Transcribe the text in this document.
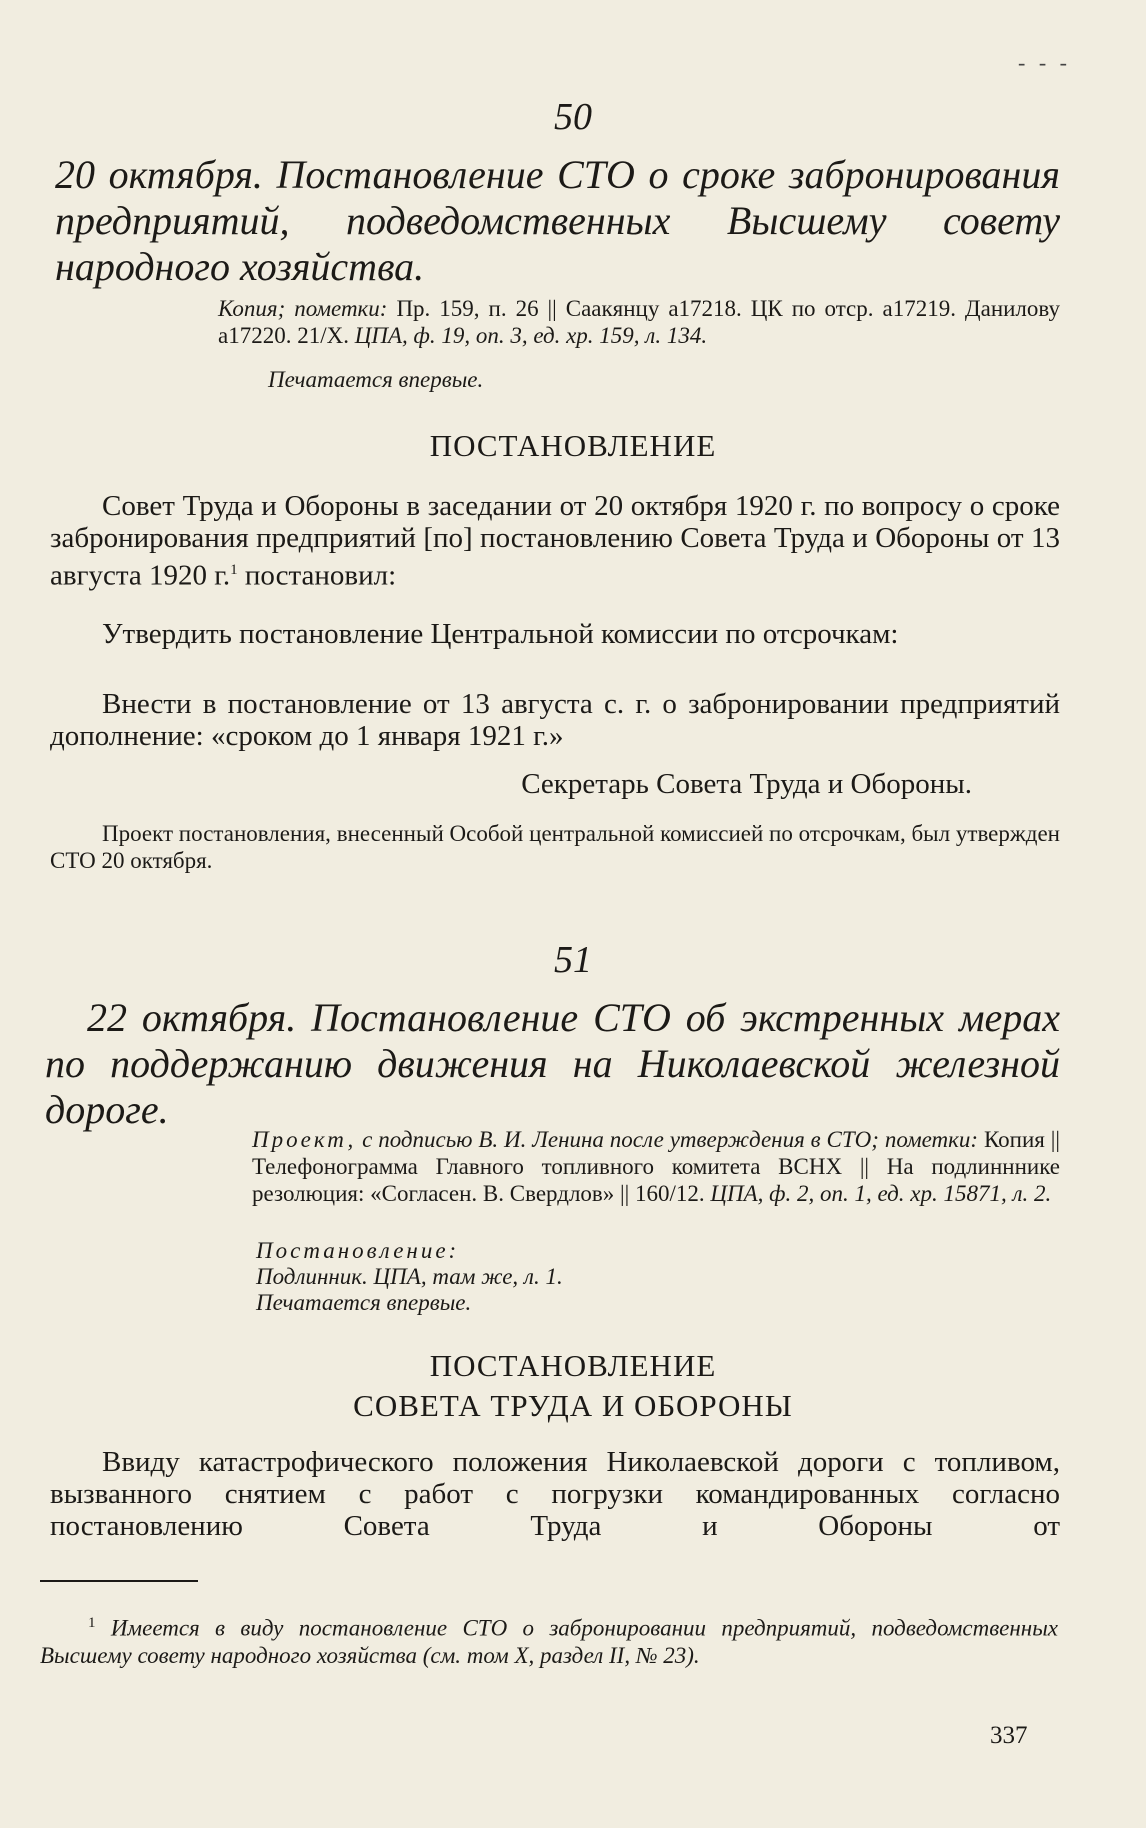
- - -
50

20 октября. Постановление СТО о сроке забронирования предприятий, подведомственных Высшему совету народного хозяйства.

Копия; пометки: Пр. 159, п. 26 || Саакянцу а17218. ЦК по отср. а17219. Данилову а17220. 21/X. ЦПА, ф. 19, оп. 3, ед. хр. 159, л. 134.

Печатается впервые.

ПОСТАНОВЛЕНИЕ

Совет Труда и Обороны в заседании от 20 октября 1920 г. по вопросу о сроке забронирования предприятий [по] постановлению Совета Труда и Обороны от 13 августа 1920 г.$^1$ постановил:

Утвердить постановление Центральной комиссии по отсрочкам:

Внести в постановление от 13 августа с. г. о забронировании предприятий дополнение: «сроком до 1 января 1921 г.»

Секретарь Совета Труда и Обороны.

Проект постановления, внесенный Особой центральной комиссией по отсрочкам, был утвержден СТО 20 октября.

51

22 октября. Постановление СТО об экстренных мерах по поддержанию движения на Николаевской железной дороге.

Проект, с подписью В. И. Ленина после утверждения в СТО; пометки: Копия || Телефонограмма Главного топливного комитета ВСНХ || На подлинннике резолюция: «Согласен. В. Свердлов» || 160/12. ЦПА, ф. 2, оп. 1, ед. хр. 15871, л. 2.

Постановление:

Подлинник. ЦПА, там же, л. 1.

Печатается впервые.

ПОСТАНОВЛЕНИЕ
СОВЕТА ТРУДА И ОБОРОНЫ

Ввиду катастрофического положения Николаевской дороги с топливом, вызванного снятием с работ с погрузки командированных согласно постановлению Совета Труда и Обороны от

$^1$ Имеется в виду постановление СТО о забронировании предприятий, подведомственных Высшему совету народного хозяйства (см. том X, раздел II, № 23).

337
